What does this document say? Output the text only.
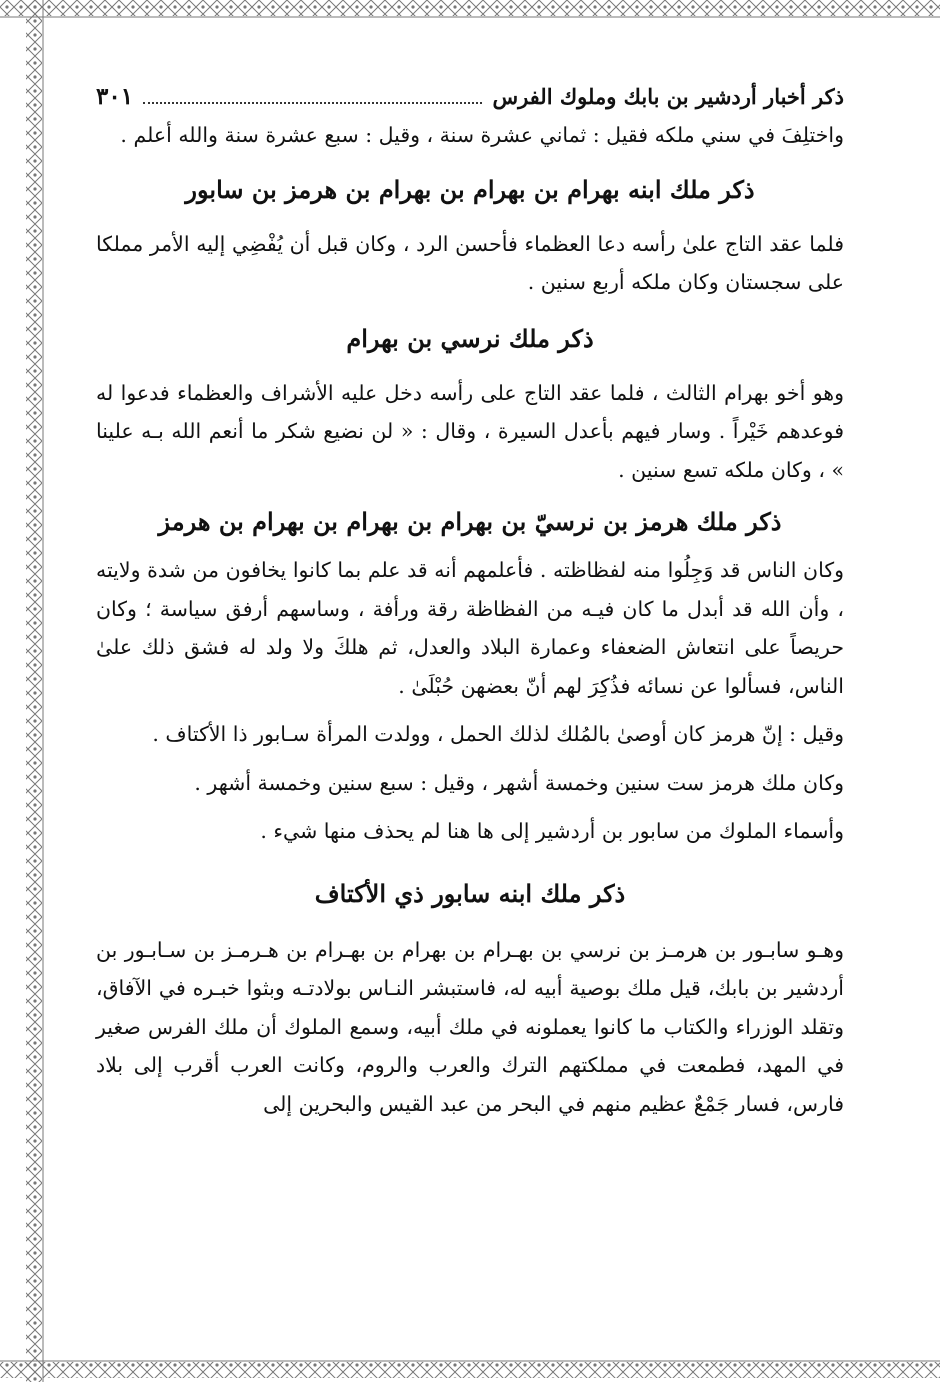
ذكر أخبار أردشير بن بابك وملوك الفرس
٣٠١

واختلِفَ في سني ملكه فقيل : ثماني عشرة سنة ، وقيل : سبع عشرة سنة والله أعلم .

ذكر ملك ابنه بهرام بن بهرام بن بهرام بن هرمز بن سابور

فلما عقد التاج علىٰ رأسه دعا العظماء فأحسن الرد ، وكان قبل أن يُفْضِي إليه الأمر مملكا على سجستان وكان ملكه أربع سنين .

ذكر ملك نرسي بن بهرام

وهو أخو بهرام الثالث ، فلما عقد التاج على رأسه دخل عليه الأشراف والعظماء فدعوا له فوعدهم خَيْراً . وسار فيهم بأعدل السيرة ، وقال : « لن نضيع شكر ما أنعم الله بـه علينا » ، وكان ملكه تسع سنين .

ذكر ملك هرمز بن نرسيّ بن بهرام بن بهرام بن بهرام بن هرمز

وكان الناس قد وَجِلُوا منه لفظاظته . فأعلمهم أنه قد علم بما كانوا يخافون من شدة ولايته ، وأن الله قد أبدل ما كان فيـه من الفظاظة رقة ورأفة ، وساسهم أرفق سياسة ؛ وكان حريصاً على انتعاش الضعفاء وعمارة البلاد والعدل، ثم هلكَ ولا ولد له فشق ذلك علىٰ الناس، فسألوا عن نسائه فذُكِرَ لهم أنّ بعضهن حُبْلَىٰ .

وقيل : إنّ هرمز كان أوصىٰ بالمُلك لذلك الحمل ، وولدت المرأة سـابور ذا الأكتاف .

وكان ملك هرمز ست سنين وخمسة أشهر ، وقيل : سبع سنين وخمسة أشهر .

وأسماء الملوك من سابور بن أردشير إلى ها هنا لم يحذف منها شيء .

ذكر ملك ابنه سابور ذي الأكتاف

وهـو سابـور بن هرمـز بن نرسي بن بهـرام بن بهرام بن بهـرام بن هـرمـز بن سـابـور بن أردشير بن بابك، قيل ملك بوصية أبيه له، فاستبشر النـاس بولادتـه وبثوا خبـره في الآفاق، وتقلد الوزراء والكتاب ما كانوا يعملونه في ملك أبيه، وسمع الملوك أن ملك الفرس صغير في المهد، فطمعت في مملكتهم الترك والعرب والروم، وكانت العرب أقرب إلى بلاد فارس، فسار جَمْعٌ عظيم منهم في البحر من عبد القيس والبحرين إلى
